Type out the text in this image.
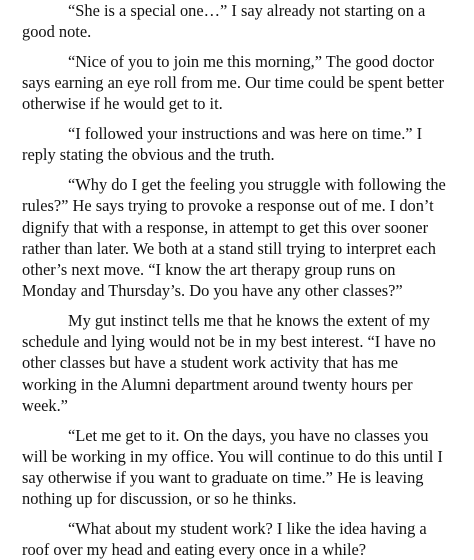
“She is a special one…” I say already not starting on a good note.

“Nice of you to join me this morning,” The good doctor says earning an eye roll from me. Our time could be spent better otherwise if he would get to it.

“I followed your instructions and was here on time.” I reply stating the obvious and the truth.

“Why do I get the feeling you struggle with following the rules?” He says trying to provoke a response out of me. I don’t dignify that with a response, in attempt to get this over sooner rather than later. We both at a stand still trying to interpret each other’s next move. “I know the art therapy group runs on Monday and Thursday’s. Do you have any other classes?”

My gut instinct tells me that he knows the extent of my schedule and lying would not be in my best interest. “I have no other classes but have a student work activity that has me working in the Alumni department around twenty hours per week.”

“Let me get to it. On the days, you have no classes you will be working in my office. You will continue to do this until I say otherwise if you want to graduate on time.” He is leaving nothing up for discussion, or so he thinks.

“What about my student work? I like the idea having a roof over my head and eating every once in a while?
